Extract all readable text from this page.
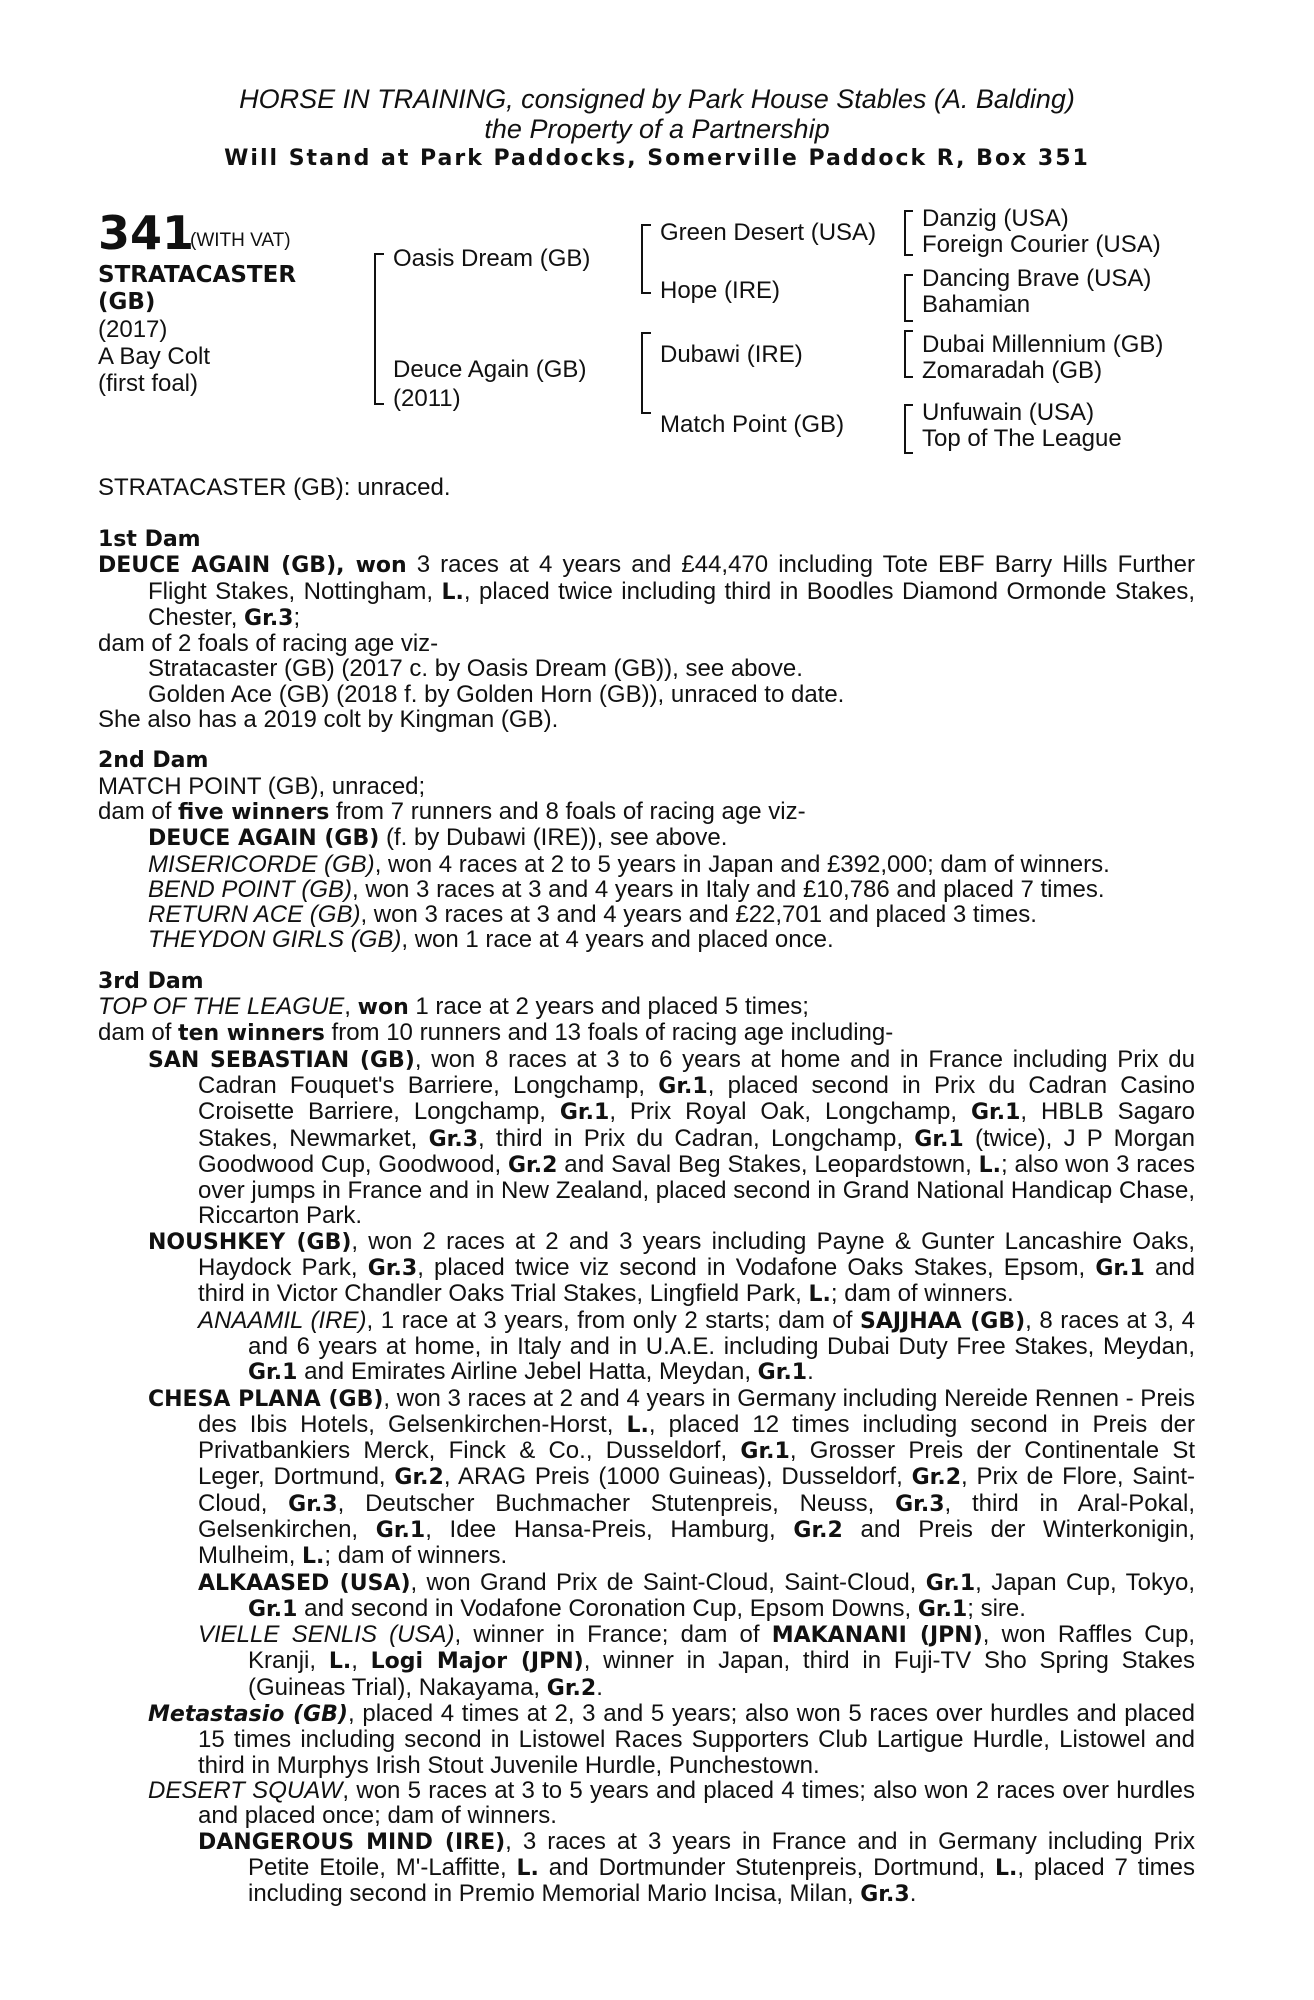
HORSE IN TRAINING, consigned by Park House Stables (A. Balding)
the Property of a Partnership
Will Stand at Park Paddocks, Somerville Paddock R, Box 351
341
(WITH VAT)
STRATACASTER
(GB)
(2017)
A Bay Colt
(first foal)
Oasis Dream (GB)
Deuce Again (GB)
(2011)
Green Desert (USA)
Hope (IRE)
Dubawi (IRE)
Match Point (GB)
Danzig (USA)
Foreign Courier (USA)
Dancing Brave (USA)
Bahamian
Dubai Millennium (GB)
Zomaradah (GB)
Unfuwain (USA)
Top of The League
STRATACASTER (GB): unraced.

1st Dam

DEUCE AGAIN (GB), won 3 races at 4 years and £44,470 including Tote EBF Barry Hills Further Flight Stakes, Nottingham, L., placed twice including third in Boodles Diamond Ormonde Stakes, Chester, Gr.3;

dam of 2 foals of racing age viz-

Stratacaster (GB) (2017 c. by Oasis Dream (GB)), see above.

Golden Ace (GB) (2018 f. by Golden Horn (GB)), unraced to date.

She also has a 2019 colt by Kingman (GB).

2nd Dam

MATCH POINT (GB), unraced;

dam of five winners from 7 runners and 8 foals of racing age viz-

DEUCE AGAIN (GB) (f. by Dubawi (IRE)), see above.

MISERICORDE (GB), won 4 races at 2 to 5 years in Japan and £392,000; dam of winners.

BEND POINT (GB), won 3 races at 3 and 4 years in Italy and £10,786 and placed 7 times.

RETURN ACE (GB), won 3 races at 3 and 4 years and £22,701 and placed 3 times.

THEYDON GIRLS (GB), won 1 race at 4 years and placed once.

3rd Dam

TOP OF THE LEAGUE, won 1 race at 2 years and placed 5 times;

dam of ten winners from 10 runners and 13 foals of racing age including-

SAN SEBASTIAN (GB), won 8 races at 3 to 6 years at home and in France including Prix du Cadran Fouquet's Barriere, Longchamp, Gr.1, placed second in Prix du Cadran Casino Croisette Barriere, Longchamp, Gr.1, Prix Royal Oak, Longchamp, Gr.1, HBLB Sagaro Stakes, Newmarket, Gr.3, third in Prix du Cadran, Longchamp, Gr.1 (twice), J P Morgan Goodwood Cup, Goodwood, Gr.2 and Saval Beg Stakes, Leopardstown, L.; also won 3 races over jumps in France and in New Zealand, placed second in Grand National Handicap Chase, Riccarton Park.

NOUSHKEY (GB), won 2 races at 2 and 3 years including Payne & Gunter Lancashire Oaks, Haydock Park, Gr.3, placed twice viz second in Vodafone Oaks Stakes, Epsom, Gr.1 and third in Victor Chandler Oaks Trial Stakes, Lingfield Park, L.; dam of winners.

ANAAMIL (IRE), 1 race at 3 years, from only 2 starts; dam of SAJJHAA (GB), 8 races at 3, 4 and 6 years at home, in Italy and in U.A.E. including Dubai Duty Free Stakes, Meydan, Gr.1 and Emirates Airline Jebel Hatta, Meydan, Gr.1.

CHESA PLANA (GB), won 3 races at 2 and 4 years in Germany including Nereide Rennen - Preis des Ibis Hotels, Gelsenkirchen-Horst, L., placed 12 times including second in Preis der Privatbankiers Merck, Finck & Co., Dusseldorf, Gr.1, Grosser Preis der Continentale St Leger, Dortmund, Gr.2, ARAG Preis (1000 Guineas), Dusseldorf, Gr.2, Prix de Flore, Saint-Cloud, Gr.3, Deutscher Buchmacher Stutenpreis, Neuss, Gr.3, third in Aral-Pokal, Gelsenkirchen, Gr.1, Idee Hansa-Preis, Hamburg, Gr.2 and Preis der Winterkonigin, Mulheim, L.; dam of winners.

ALKAASED (USA), won Grand Prix de Saint-Cloud, Saint-Cloud, Gr.1, Japan Cup, Tokyo, Gr.1 and second in Vodafone Coronation Cup, Epsom Downs, Gr.1; sire.

VIELLE SENLIS (USA), winner in France; dam of MAKANANI (JPN), won Raffles Cup, Kranji, L., Logi Major (JPN), winner in Japan, third in Fuji-TV Sho Spring Stakes (Guineas Trial), Nakayama, Gr.2.

Metastasio (GB), placed 4 times at 2, 3 and 5 years; also won 5 races over hurdles and placed 15 times including second in Listowel Races Supporters Club Lartigue Hurdle, Listowel and third in Murphys Irish Stout Juvenile Hurdle, Punchestown.

DESERT SQUAW, won 5 races at 3 to 5 years and placed 4 times; also won 2 races over hurdles and placed once; dam of winners.

DANGEROUS MIND (IRE), 3 races at 3 years in France and in Germany including Prix Petite Etoile, M'-Laffitte, L. and Dortmunder Stutenpreis, Dortmund, L., placed 7 times including second in Premio Memorial Mario Incisa, Milan, Gr.3.
